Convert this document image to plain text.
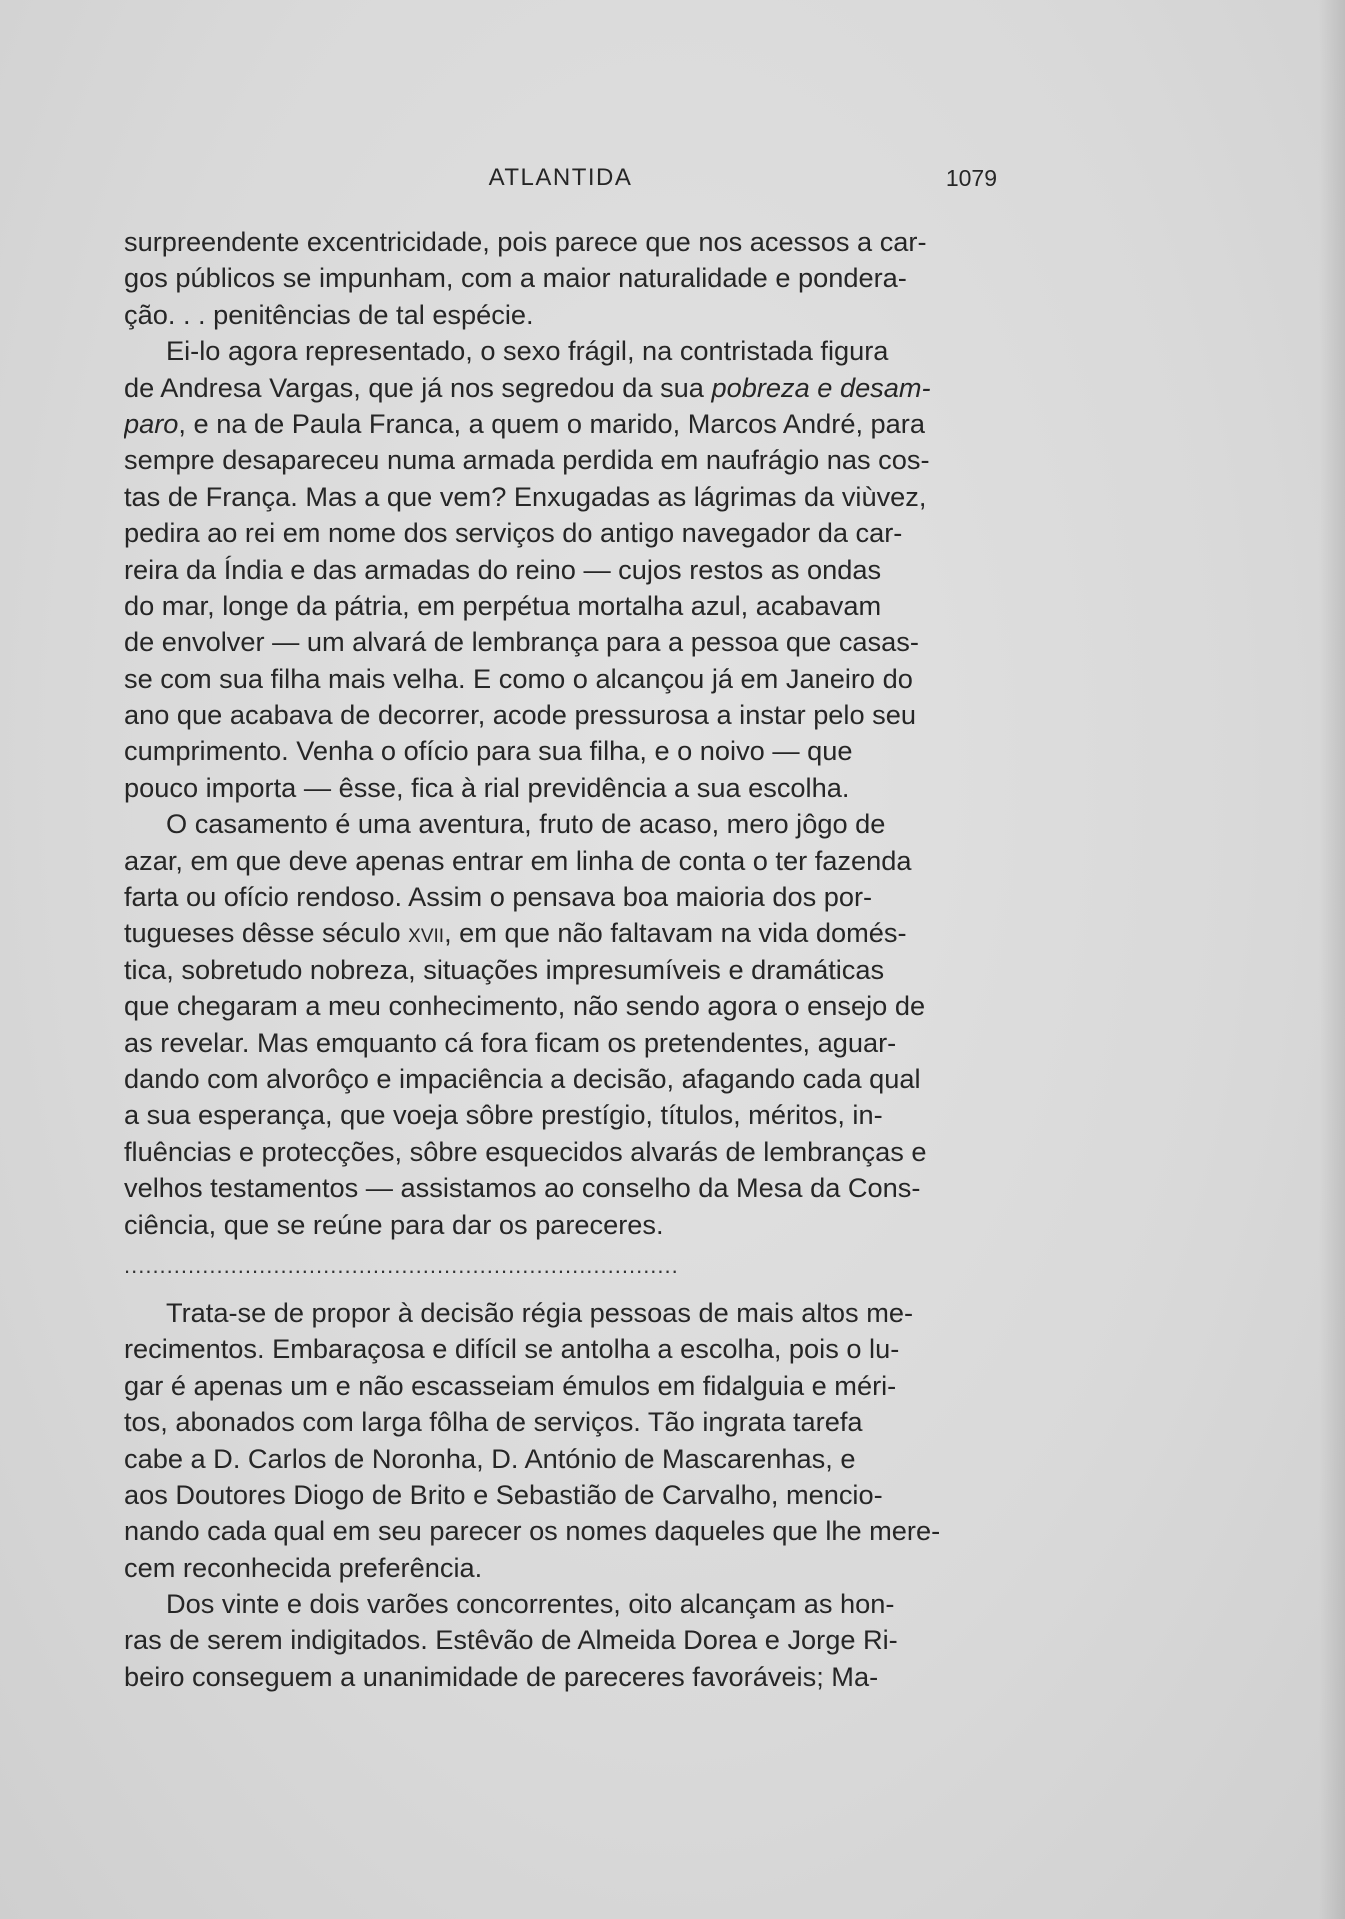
ATLANTIDA	1079
surpreendente excentricidade, pois parece que nos acessos a car-
gos públicos se impunham, com a maior naturalidade e pondera-
ção. . . penitências de tal espécie.
Ei-lo agora representado, o sexo frágil, na contristada figura
de Andresa Vargas, que já nos segredou da sua pobreza e desam-
paro, e na de Paula Franca, a quem o marido, Marcos André, para
sempre desapareceu numa armada perdida em naufrágio nas cos-
tas de França. Mas a que vem? Enxugadas as lágrimas da viùvez,
pedira ao rei em nome dos serviços do antigo navegador da car-
reira da Índia e das armadas do reino — cujos restos as ondas
do mar, longe da pátria, em perpétua mortalha azul, acabavam
de envolver — um alvará de lembrança para a pessoa que casas-
se com sua filha mais velha. E como o alcançou já em Janeiro do
ano que acabava de decorrer, acode pressurosa a instar pelo seu
cumprimento. Venha o ofício para sua filha, e o noivo — que
pouco importa — êsse, fica à rial previdência a sua escolha.
O casamento é uma aventura, fruto de acaso, mero jôgo de
azar, em que deve apenas entrar em linha de conta o ter fazenda
farta ou ofício rendoso. Assim o pensava boa maioria dos por-
tugueses dêsse século xvii, em que não faltavam na vida domés-
tica, sobretudo nobreza, situações impresumíveis e dramáticas
que chegaram a meu conhecimento, não sendo agora o ensejo de
as revelar. Mas emquanto cá fora ficam os pretendentes, aguar-
dando com alvorôço e impaciência a decisão, afagando cada qual
a sua esperança, que voeja sôbre prestígio, títulos, méritos, in-
fluências e protecções, sôbre esquecidos alvarás de lembranças e
velhos testamentos — assistamos ao conselho da Mesa da Cons-
ciência, que se reúne para dar os pareceres.
..............................................................................
Trata-se de propor à decisão régia pessoas de mais altos me-
recimentos. Embaraçosa e difícil se antolha a escolha, pois o lu-
gar é apenas um e não escasseiam émulos em fidalguia e méri-
tos, abonados com larga fôlha de serviços. Tão ingrata tarefa
cabe a D. Carlos de Noronha, D. António de Mascarenhas, e
aos Doutores Diogo de Brito e Sebastião de Carvalho, mencio-
nando cada qual em seu parecer os nomes daqueles que lhe mere-
cem reconhecida preferência.
Dos vinte e dois varões concorrentes, oito alcançam as hon-
ras de serem indigitados. Estêvão de Almeida Dorea e Jorge Ri-
beiro conseguem a unanimidade de pareceres favoráveis; Ma-
